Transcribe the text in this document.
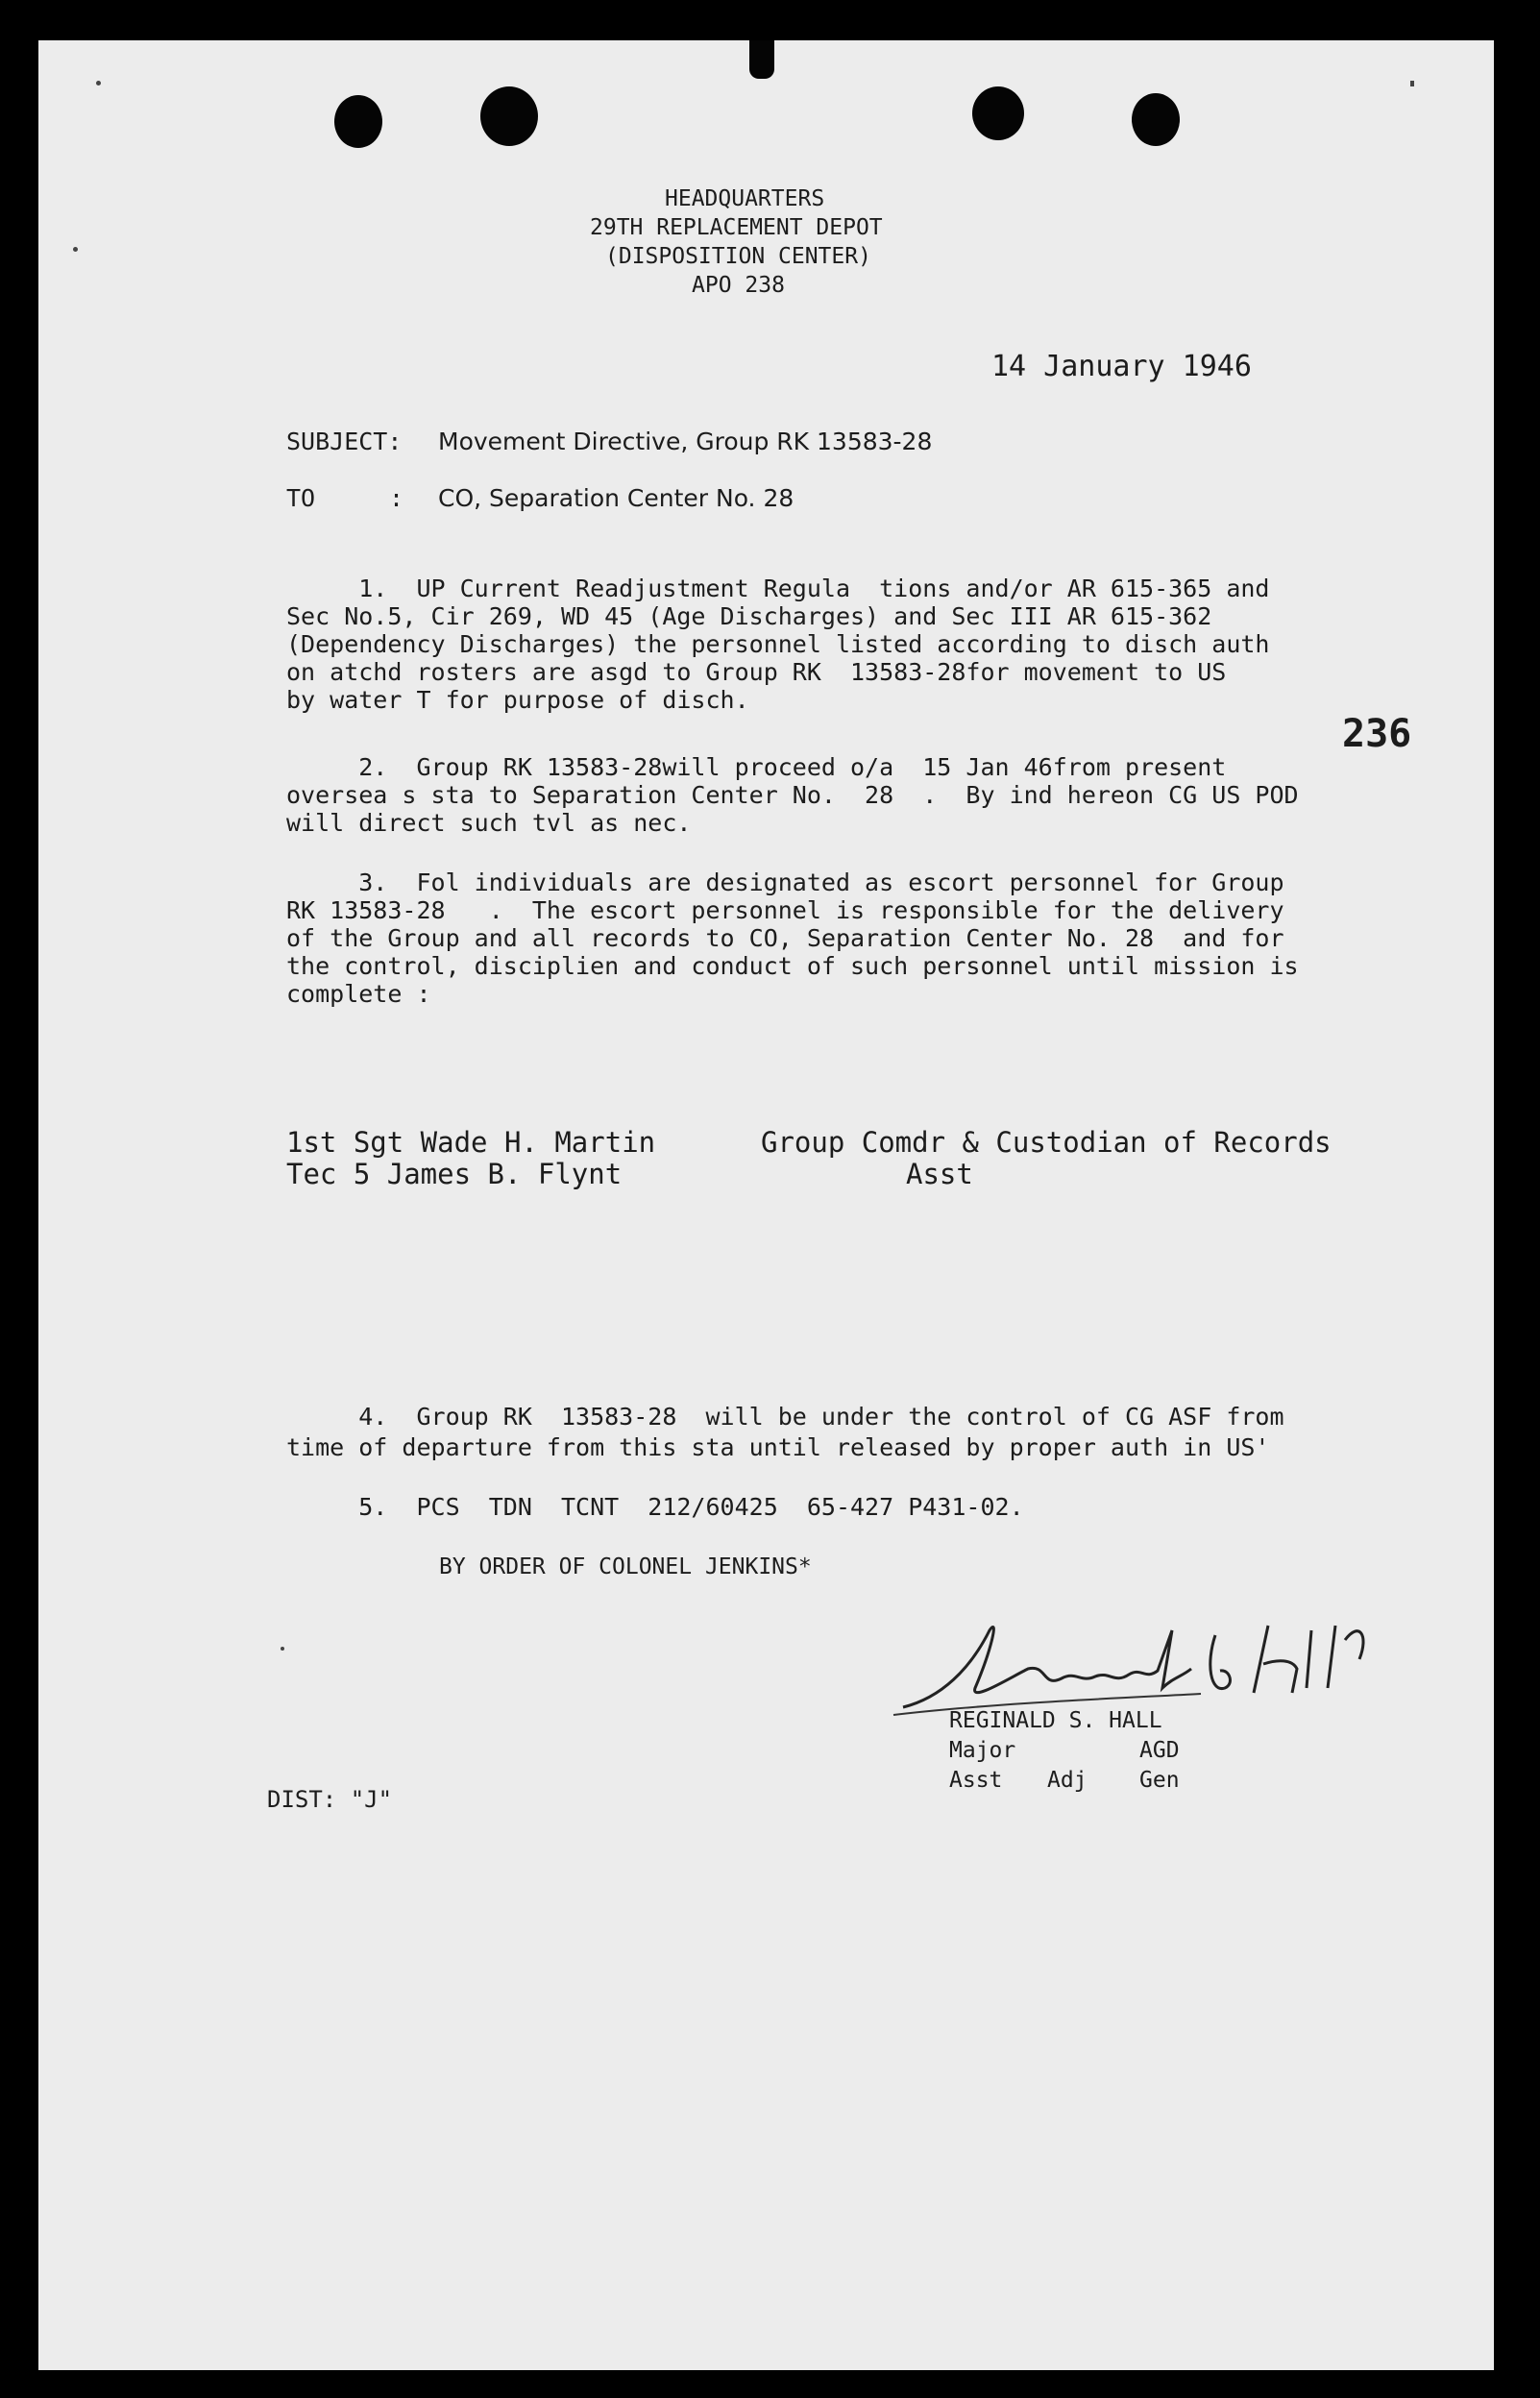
HEADQUARTERS
29TH REPLACEMENT DEPOT
(DISPOSITION CENTER)
APO 238
14 January 1946
236
SUBJECT: Movement Directive, Group RK 13583-28
TO	: CO, Separation Center No. 28
1.  UP Current Readjustment Regula  tions and/or AR 615-365 and
Sec No.5, Cir 269, WD 45 (Age Discharges) and Sec III AR 615-362
(Dependency Discharges) the personnel listed according to disch auth
on atchd rosters are asgd to Group RK  13583-28for movement to US
by water T for purpose of disch.
2.  Group RK 13583-28will proceed o/a  15 Jan 46from present
oversea s sta to Separation Center No.  28  .  By ind hereon CG US POD
will direct such tvl as nec.
3.  Fol individuals are designated as escort personnel for Group
RK 13583-28   .  The escort personnel is responsible for the delivery
of the Group and all records to CO, Separation Center No. 28  and for
the control, disciplien and conduct of such personnel until mission is
complete :
1st Sgt Wade H. Martin	Group Comdr & Custodian of Records
Tec 5 James B. Flynt	Asst
4.  Group RK  13583-28  will be under the control of CG ASF from
time of departure from this sta until released by proper auth in US'
5.  PCS  TDN  TCNT  212/60425  65-427 P431-02.
BY ORDER OF COLONEL JENKINS*
REGINALD S. HALL
Major	AGD
Asst Adj Gen
DIST: "J"
